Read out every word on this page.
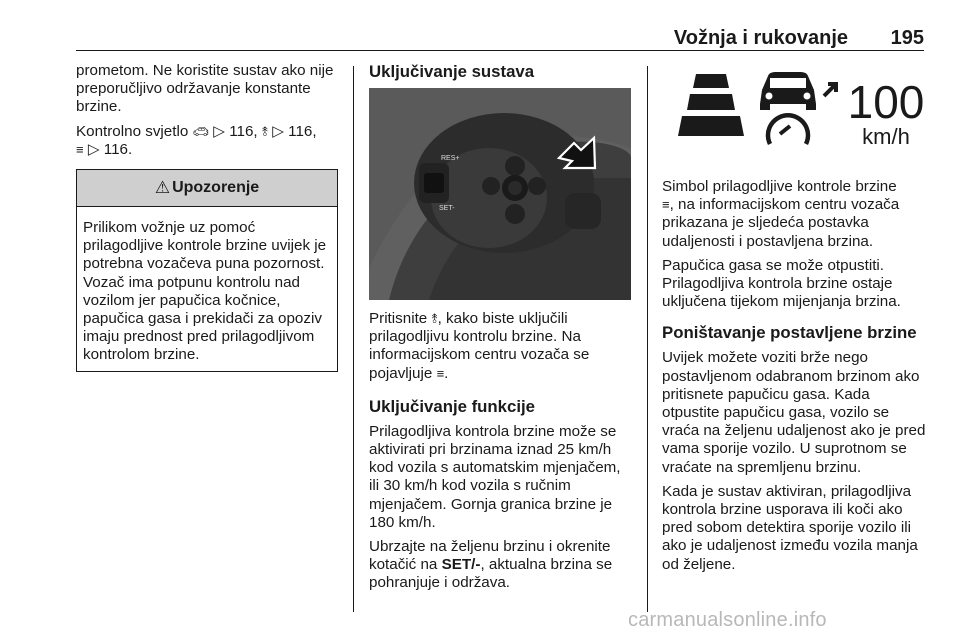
Vožnja i rukovanje 195

prometom. Ne koristite sustav ako nije preporučljivo održavanje konstante brzine.

Kontrolno svjetlo 🚗︎ ▷ 116, ⥉ ▷ 116,
≡ ▷ 116.

⚠︎ Upozorenje
Prilikom vožnje uz pomoć prilagodljive kontrole brzine uvijek je potrebna vozačeva puna pozornost. Vozač ima potpunu kontrolu nad vozilom jer papučica kočnice, papučica gasa i prekidači za opoziv imaju prednost pred prilagodljivom kontrolom brzine.
Uključivanje sustava
RES+
SET-

Pritisnite ⥉, kako biste uključili prilagodljivu kontrolu brzine. Na informacijskom centru vozača se pojavljuje ≡.

Uključivanje funkcije

Prilagodljiva kontrola brzine može se aktivirati pri brzinama iznad 25 km/h kod vozila s automatskim mjenjačem, ili 30 km/h kod vozila s ručnim mjenjačem. Gornja granica brzine je 180 km/h.

Ubrzajte na željenu brzinu i okrenite kotačić na SET/-, aktualna brzina se pohranjuje i održava.

100
km/h

Simbol prilagodljive kontrole brzine
≡, na informacijskom centru vozača prikazana je sljedeća postavka udaljenosti i postavljena brzina.

Papučica gasa se može otpustiti. Prilagodljiva kontrola brzine ostaje uključena tijekom mijenjanja brzina.

Poništavanje postavljene brzine

Uvijek možete voziti brže nego postavljenom odabranom brzinom ako pritisnete papučicu gasa. Kada otpustite papučicu gasa, vozilo se vraća na željenu udaljenost ako je pred vama sporije vozilo. U suprotnom se vraćate na spremljenu brzinu.

Kada je sustav aktiviran, prilagodljiva kontrola brzine usporava ili koči ako pred sobom detektira sporije vozilo ili ako je udaljenost između vozila manja od željene.

carmanualsonline.info
